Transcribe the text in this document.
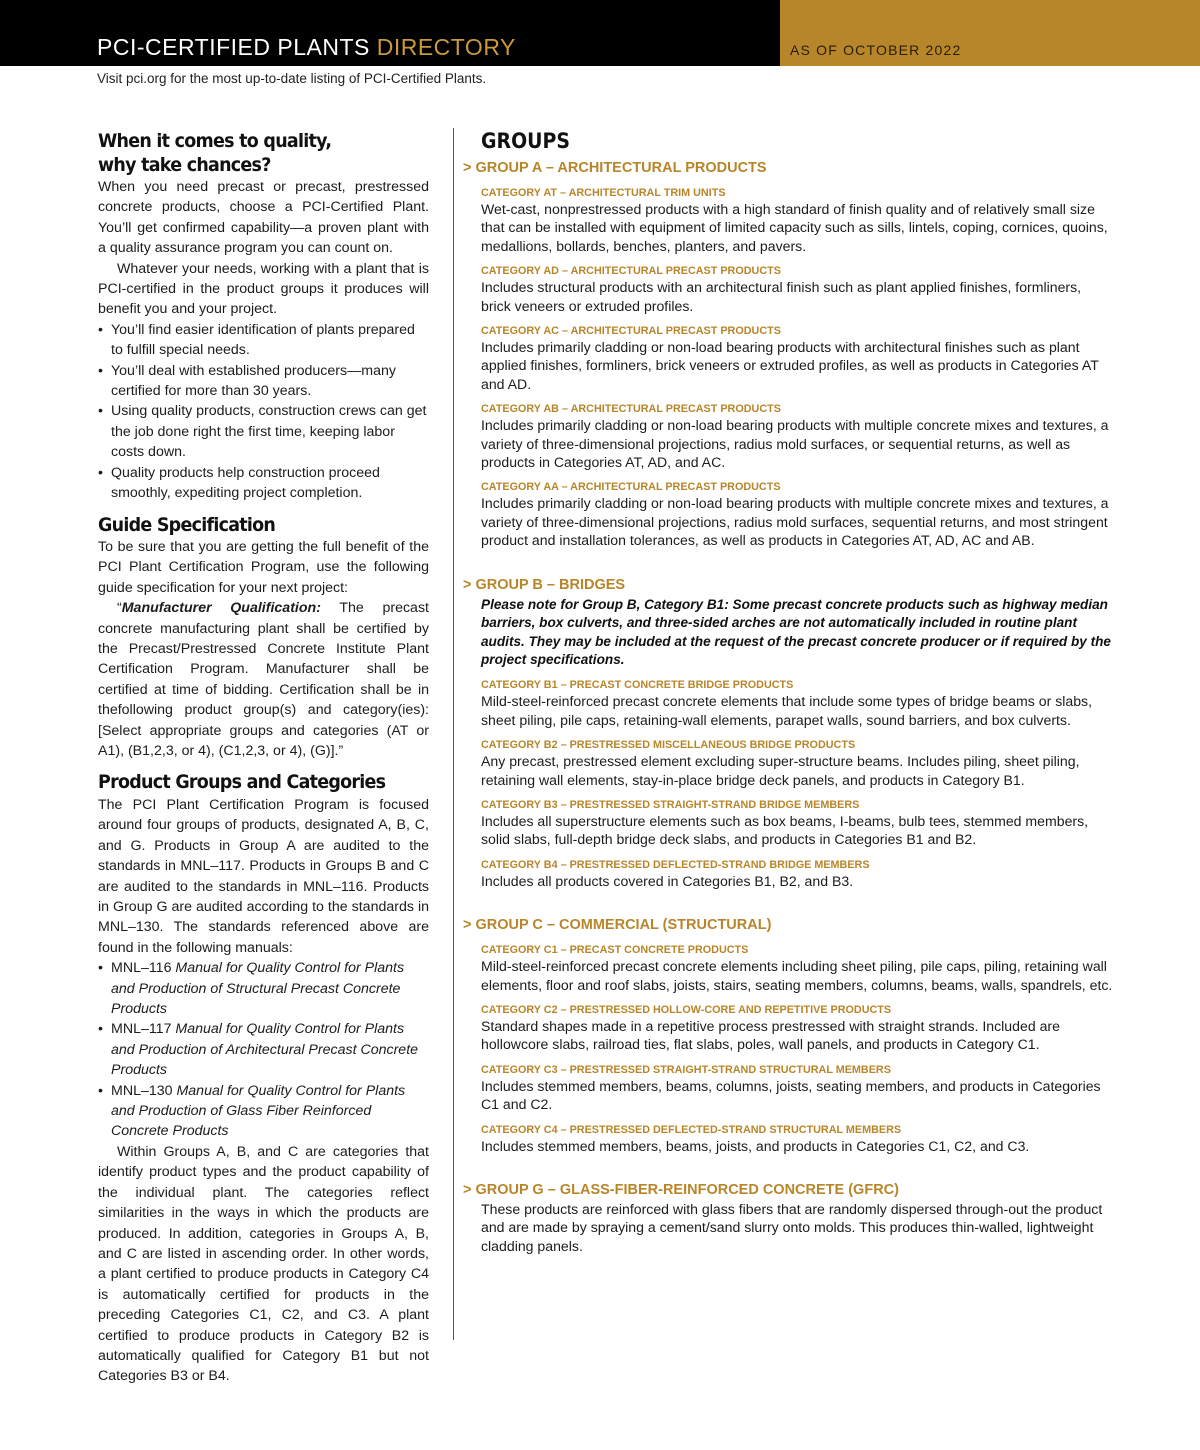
PCI-CERTIFIED PLANTS DIRECTORY	AS OF OCTOBER 2022
Visit pci.org for the most up-to-date listing of PCI-Certified Plants.
When it comes to quality,
why take chances?

When you need precast or precast, prestressed concrete products, choose a PCI-Certified Plant. You’ll get confirmed capability—a proven plant with a quality assurance program you can count on.

Whatever your needs, working with a plant that is PCI-certified in the product groups it produces will benefit you and your project.

• You’ll find easier identification of plants prepared to fulfill special needs.
• You’ll deal with established producers—many certified for more than 30 years.
• Using quality products, construction crews can get the job done right the first time, keeping labor costs down.
• Quality products help construction proceed smoothly, expediting project completion.
Guide Specification

To be sure that you are getting the full benefit of the PCI Plant Certification Program, use the following guide specification for your next project:

“Manufacturer Qualification: The precast concrete manufacturing plant shall be certified by the Precast/Prestressed Concrete Institute Plant Certification Program. Manufacturer shall be certified at time of bidding. Certification shall be in thefollowing product group(s) and category(ies): [Select appropriate groups and categories (AT or A1), (B1,2,3, or 4), (C1,2,3, or 4), (G)].”

Product Groups and Categories

The PCI Plant Certification Program is focused around four groups of products, designated A, B, C, and G. Products in Group A are audited to the standards in MNL–117. Products in Groups B and C are audited to the standards in MNL–116. Products in Group G are audited according to the standards in MNL–130. The standards referenced above are found in the following manuals:

• MNL–116 Manual for Quality Control for Plants and Production of Structural Precast Concrete Products
• MNL–117 Manual for Quality Control for Plants and Production of Architectural Precast Concrete Products
• MNL–130 Manual for Quality Control for Plants and Production of Glass Fiber Reinforced Concrete Products

Within Groups A, B, and C are categories that identify product types and the product capability of the individual plant. The categories reflect similarities in the ways in which the products are produced. In addition, categories in Groups A, B, and C are listed in ascending order. In other words, a plant certified to produce products in Category C4 is automatically certified for products in the preceding Categories C1, C2, and C3. A plant certified to produce products in Category B2 is automatically qualified for Category B1 but not Categories B3 or B4.

GROUPS
> GROUP A – ARCHITECTURAL PRODUCTS
CATEGORY AT – ARCHITECTURAL TRIM UNITS
Wet-cast, nonprestressed products with a high standard of finish quality and of relatively small size that can be installed with equipment of limited capacity such as sills, lintels, coping, cornices, quoins, medallions, bollards, benches, planters, and pavers.
CATEGORY AD – ARCHITECTURAL PRECAST PRODUCTS
Includes structural products with an architectural finish such as plant applied finishes, formliners, brick veneers or extruded profiles.
CATEGORY AC – ARCHITECTURAL PRECAST PRODUCTS
Includes primarily cladding or non-load bearing products with architectural finishes such as plant applied finishes, formliners, brick veneers or extruded profiles, as well as products in Categories AT and AD.
CATEGORY AB – ARCHITECTURAL PRECAST PRODUCTS
Includes primarily cladding or non-load bearing products with multiple concrete mixes and textures, a variety of three-dimensional projections, radius mold surfaces, or sequential returns, as well as products in Categories AT, AD, and AC.
CATEGORY AA – ARCHITECTURAL PRECAST PRODUCTS
Includes primarily cladding or non-load bearing products with multiple concrete mixes and textures, a variety of three-dimensional projections, radius mold surfaces, sequential returns, and most stringent product and installation tolerances, as well as products in Categories AT, AD, AC and AB.
> GROUP B – BRIDGES
Please note for Group B, Category B1: Some precast concrete products such as highway median barriers, box culverts, and three-sided arches are not automatically included in routine plant audits. They may be included at the request of the precast concrete producer or if required by the project specifications.
CATEGORY B1 – PRECAST CONCRETE BRIDGE PRODUCTS
Mild-steel-reinforced precast concrete elements that include some types of bridge beams or slabs, sheet piling, pile caps, retaining-wall elements, parapet walls, sound barriers, and box culverts.
CATEGORY B2 – PRESTRESSED MISCELLANEOUS BRIDGE PRODUCTS
Any precast, prestressed element excluding super-structure beams. Includes piling, sheet piling, retaining wall elements, stay-in-place bridge deck panels, and products in Category B1.
CATEGORY B3 – PRESTRESSED STRAIGHT-STRAND BRIDGE MEMBERS
Includes all superstructure elements such as box beams, I-beams, bulb tees, stemmed members, solid slabs, full-depth bridge deck slabs, and products in Categories B1 and B2.
CATEGORY B4 – PRESTRESSED DEFLECTED-STRAND BRIDGE MEMBERS
Includes all products covered in Categories B1, B2, and B3.
> GROUP C – COMMERCIAL (STRUCTURAL)
CATEGORY C1 – PRECAST CONCRETE PRODUCTS
Mild-steel-reinforced precast concrete elements including sheet piling, pile caps, piling, retaining wall elements, floor and roof slabs, joists, stairs, seating members, columns, beams, walls, spandrels, etc.
CATEGORY C2 – PRESTRESSED HOLLOW-CORE AND REPETITIVE PRODUCTS
Standard shapes made in a repetitive process prestressed with straight strands. Included are hollowcore slabs, railroad ties, flat slabs, poles, wall panels, and products in Category C1.
CATEGORY C3 – PRESTRESSED STRAIGHT-STRAND STRUCTURAL MEMBERS
Includes stemmed members, beams, columns, joists, seating members, and products in Categories C1 and C2.
CATEGORY C4 – PRESTRESSED DEFLECTED-STRAND STRUCTURAL MEMBERS
Includes stemmed members, beams, joists, and products in Categories C1, C2, and C3.
> GROUP G – GLASS-FIBER-REINFORCED CONCRETE (GFRC)
These products are reinforced with glass fibers that are randomly dispersed through-out the product and are made by spraying a cement/sand slurry onto molds. This produces thin-walled, lightweight cladding panels.
